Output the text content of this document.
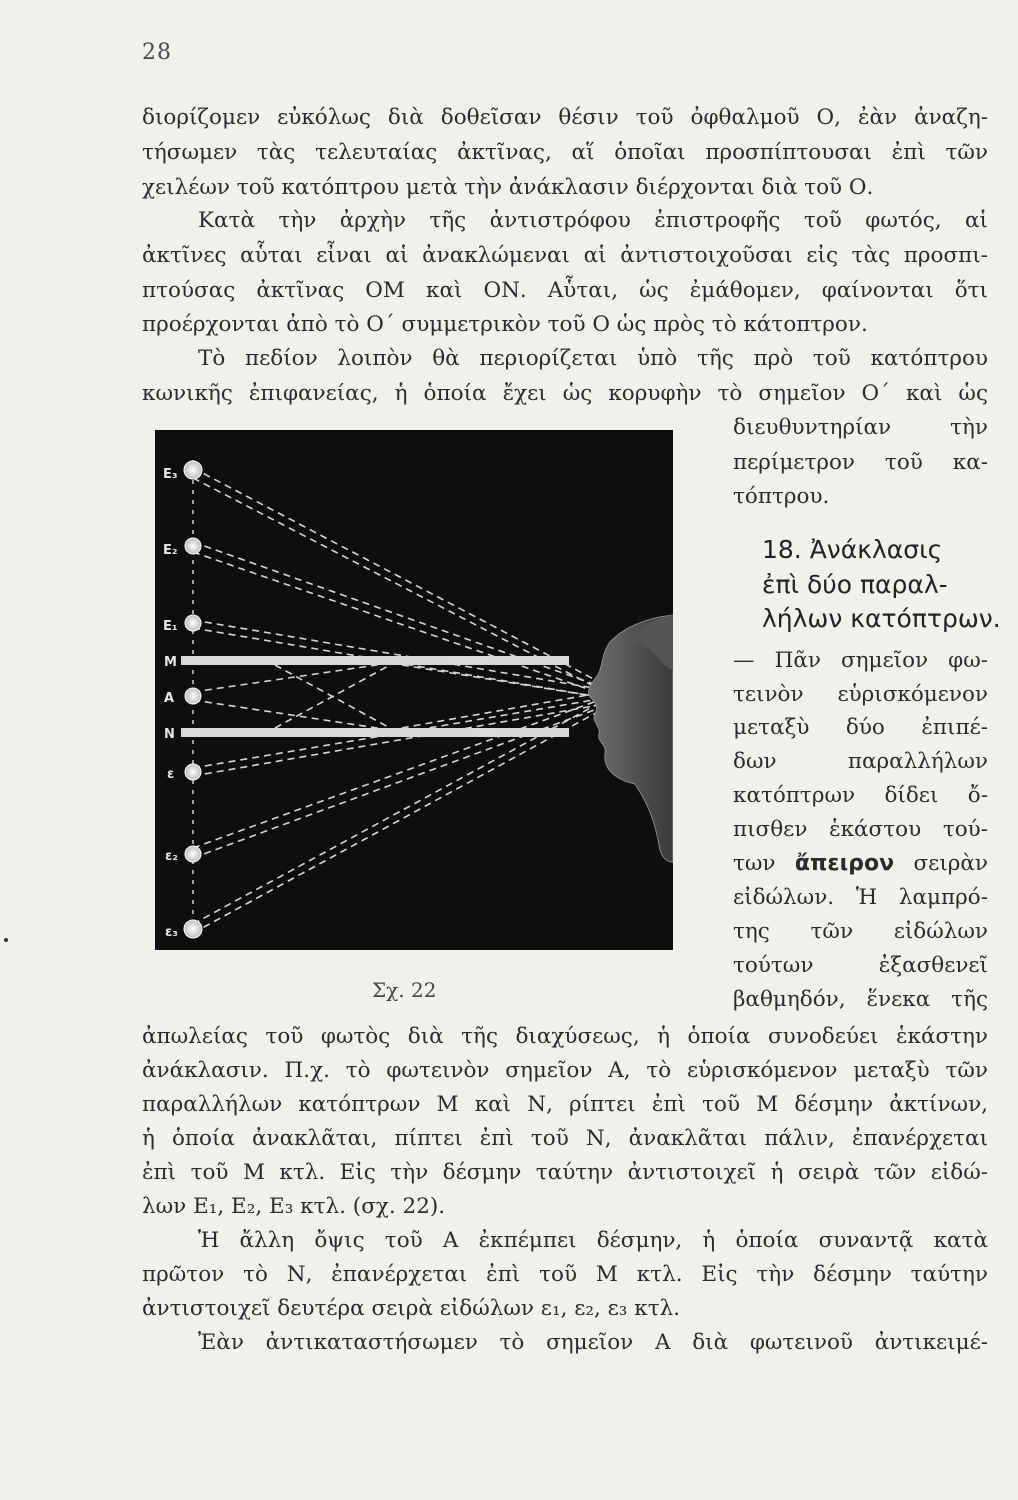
28
διορίζομεν εὐκόλως διὰ δοθεῖσαν θέσιν τοῦ ὀφθαλμοῦ Ο, ἐὰν ἀναζη-
τήσωμεν τὰς τελευταίας ἀκτῖνας, αἵ ὁποῖαι προσπίπτουσαι ἐπὶ τῶν
χειλέων τοῦ κατόπτρου μετὰ τὴν ἀνάκλασιν διέρχονται διὰ τοῦ Ο.
Κατὰ τὴν ἀρχὴν τῆς ἀντιστρόφου ἐπιστροφῆς τοῦ φωτός, αἱ
ἀκτῖνες αὗται εἶναι αἱ ἀνακλώμεναι αἱ ἀντιστοιχοῦσαι εἰς τὰς προσπι-
πτούσας ἀκτῖνας ΟΜ καὶ ΟΝ. Αὗται, ὡς ἐμάθομεν, φαίνονται ὅτι
προέρχονται ἀπὸ τὸ Ο΄ συμμετρικὸν τοῦ Ο ὡς πρὸς τὸ κάτοπτρον.
Τὸ πεδίον λοιπὸν θὰ περιορίζεται ὑπὸ τῆς πρὸ τοῦ κατόπτρου
κωνικῆς ἐπιφανείας, ἡ ὁποία ἔχει ὡς κορυφὴν τὸ σημεῖον Ο΄ καὶ ὡς
διευθυντηρίαν τὴν
περίμετρον τοῦ κα-
τόπτρου.
18. Ἀνάκλασις
ἐπὶ δύο παραλ-
λήλων κατόπτρων.
— Πᾶν σημεῖον φω-
τεινὸν εὑρισκόμενον
μεταξὺ δύο ἐπιπέ-
δων παραλλήλων
κατόπτρων δίδει ὄ-
πισθεν ἑκάστου τού-
των ἄπειρον σειρὰν
εἰδώλων. Ἡ λαμπρό-
της τῶν εἰδώλων
τούτων ἐξασθενεῖ
βαθμηδόν, ἕνεκα τῆς
E₃
E₂
E₁
M
A
N
ε
ε₂
ε₃
Σχ. 22
ἀπωλείας τοῦ φωτὸς διὰ τῆς διαχύσεως, ἡ ὁποία συνοδεύει ἑκάστην
ἀνάκλασιν. Π.χ. τὸ φωτεινὸν σημεῖον Α, τὸ εὑρισκόμενον μεταξὺ τῶν
παραλλήλων κατόπτρων Μ καὶ Ν, ρίπτει ἐπὶ τοῦ Μ δέσμην ἀκτίνων,
ἡ ὁποία ἀνακλᾶται, πίπτει ἐπὶ τοῦ Ν, ἀνακλᾶται πάλιν, ἐπανέρχεται
ἐπὶ τοῦ Μ κτλ. Εἰς τὴν δέσμην ταύτην ἀντιστοιχεῖ ἡ σειρὰ τῶν εἰδώ-
λων Ε₁, Ε₂, Ε₃ κτλ. (σχ. 22).
Ἡ ἄλλη ὄψις τοῦ Α ἐκπέμπει δέσμην, ἡ ὁποία συναντᾷ κατὰ
πρῶτον τὸ Ν, ἐπανέρχεται ἐπὶ τοῦ Μ κτλ. Εἰς τὴν δέσμην ταύτην
ἀντιστοιχεῖ δευτέρα σειρὰ εἰδώλων ε₁, ε₂, ε₃ κτλ.
Ἐὰν ἀντικαταστήσωμεν τὸ σημεῖον Α διὰ φωτεινοῦ ἀντικειμέ-
